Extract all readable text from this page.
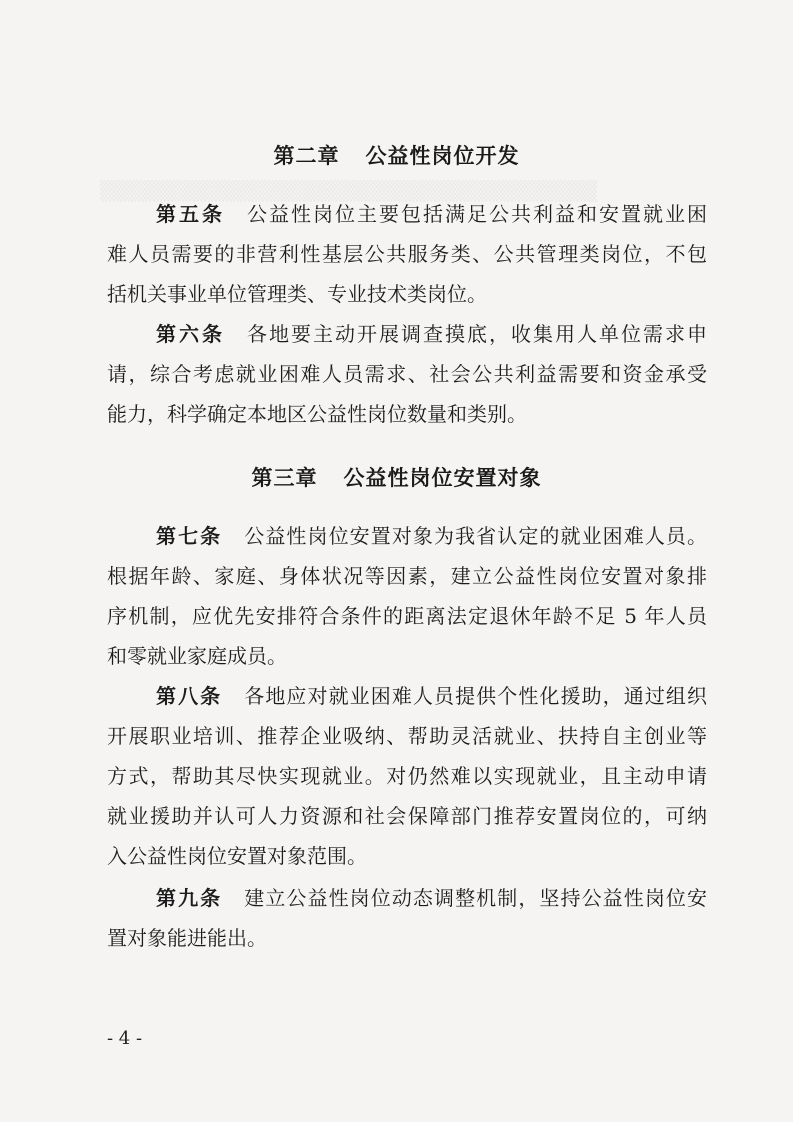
▒▒▒▒▒▒▒▒▒▒▒▒▒▒▒▒▒▒▒▒▒▒▒▒▒▒▒▒▒▒▒▒▒▒
第二章 公益性岗位开发
第五条 公益性岗位主要包括满足公共利益和安置就业困
难人员需要的非营利性基层公共服务类、公共管理类岗位，不包
括机关事业单位管理类、专业技术类岗位。
第六条 各地要主动开展调查摸底，收集用人单位需求申
请，综合考虑就业困难人员需求、社会公共利益需要和资金承受
能力，科学确定本地区公益性岗位数量和类别。
第三章 公益性岗位安置对象
第七条 公益性岗位安置对象为我省认定的就业困难人员。
根据年龄、家庭、身体状况等因素，建立公益性岗位安置对象排
序机制，应优先安排符合条件的距离法定退休年龄不足 5 年人员
和零就业家庭成员。
第八条 各地应对就业困难人员提供个性化援助，通过组织
开展职业培训、推荐企业吸纳、帮助灵活就业、扶持自主创业等
方式，帮助其尽快实现就业。对仍然难以实现就业，且主动申请
就业援助并认可人力资源和社会保障部门推荐安置岗位的，可纳
入公益性岗位安置对象范围。
第九条 建立公益性岗位动态调整机制，坚持公益性岗位安
置对象能进能出。
- 4 -
